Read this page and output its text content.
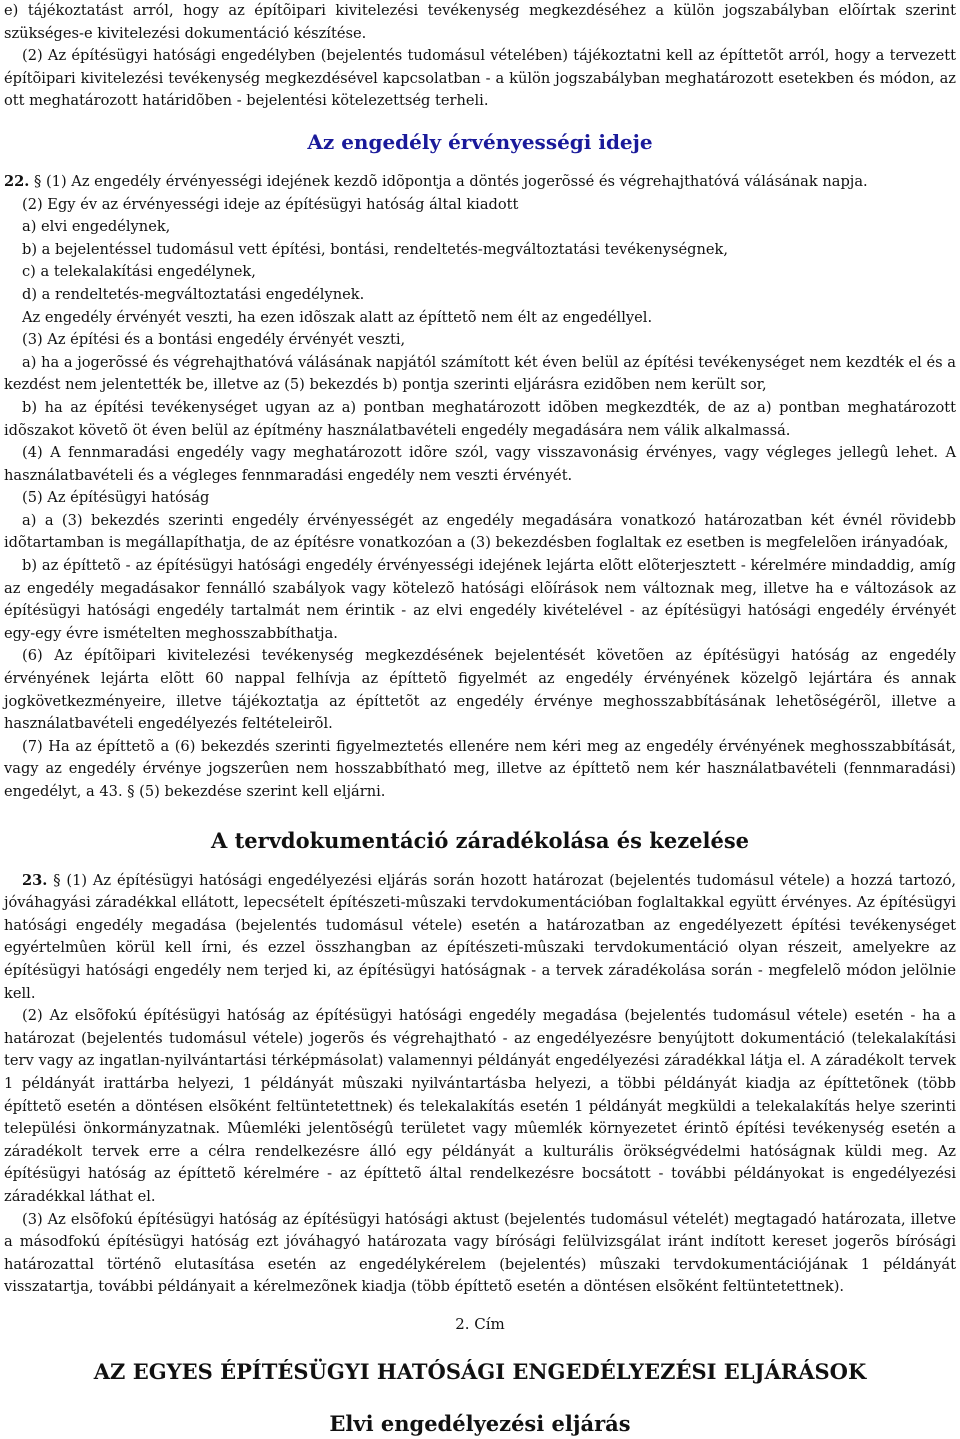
e) tájékoztatást arról, hogy az építõipari kivitelezési tevékenység megkezdéséhez a külön jogszabályban elõírtak szerint szükséges-e kivitelezési dokumentáció készítése.

(2) Az építésügyi hatósági engedélyben (bejelentés tudomásul vételében) tájékoztatni kell az építtetõt arról, hogy a tervezett építõipari kivitelezési tevékenység megkezdésével kapcsolatban - a külön jogszabályban meghatározott esetekben és módon, az ott meghatározott határidõben - bejelentési kötelezettség terheli.

Az engedély érvényességi ideje

22. § (1) Az engedély érvényességi idejének kezdõ idõpontja a döntés jogerõssé és végrehajthatóvá válásának napja.

(2) Egy év az érvényességi ideje az építésügyi hatóság által kiadott

a) elvi engedélynek,

b) a bejelentéssel tudomásul vett építési, bontási, rendeltetés-megváltoztatási tevékenységnek,

c) a telekalakítási engedélynek,

d) a rendeltetés-megváltoztatási engedélynek.

Az engedély érvényét veszti, ha ezen idõszak alatt az építtetõ nem élt az engedéllyel.

(3) Az építési és a bontási engedély érvényét veszti,

a) ha a jogerõssé és végrehajthatóvá válásának napjától számított két éven belül az építési tevékenységet nem kezdték el és a kezdést nem jelentették be, illetve az (5) bekezdés b) pontja szerinti eljárásra ezidõben nem került sor,

b) ha az építési tevékenységet ugyan az a) pontban meghatározott idõben megkezdték, de az a) pontban meghatározott idõszakot követõ öt éven belül az építmény használatbavételi engedély megadására nem válik alkalmassá.

(4) A fennmaradási engedély vagy meghatározott idõre szól, vagy visszavonásig érvényes, vagy végleges jellegû lehet. A használatbavételi és a végleges fennmaradási engedély nem veszti érvényét.

(5) Az építésügyi hatóság

a) a (3) bekezdés szerinti engedély érvényességét az engedély megadására vonatkozó határozatban két évnél rövidebb idõtartamban is megállapíthatja, de az építésre vonatkozóan a (3) bekezdésben foglaltak ez esetben is megfelelõen irányadóak,

b) az építtetõ - az építésügyi hatósági engedély érvényességi idejének lejárta elõtt elõterjesztett - kérelmére mindaddig, amíg az engedély megadásakor fennálló szabályok vagy kötelezõ hatósági elõírások nem változnak meg, illetve ha e változások az építésügyi hatósági engedély tartalmát nem érintik - az elvi engedély kivételével - az építésügyi hatósági engedély érvényét egy-egy évre ismételten meghosszabbíthatja.

(6) Az építõipari kivitelezési tevékenység megkezdésének bejelentését követõen az építésügyi hatóság az engedély érvényének lejárta elõtt 60 nappal felhívja az építtetõ figyelmét az engedély érvényének közelgõ lejártára és annak jogkövetkezményeire, illetve tájékoztatja az építtetõt az engedély érvénye meghosszabbításának lehetõségérõl, illetve a használatbavételi engedélyezés feltételeirõl.

(7) Ha az építtetõ a (6) bekezdés szerinti figyelmeztetés ellenére nem kéri meg az engedély érvényének meghosszabbítását, vagy az engedély érvénye jogszerûen nem hosszabbítható meg, illetve az építtetõ nem kér használatbavételi (fennmaradási) engedélyt, a 43. § (5) bekezdése szerint kell eljárni.

A tervdokumentáció záradékolása és kezelése

23. § (1) Az építésügyi hatósági engedélyezési eljárás során hozott határozat (bejelentés tudomásul vétele) a hozzá tartozó, jóváhagyási záradékkal ellátott, lepecsételt építészeti-mûszaki tervdokumentációban foglaltakkal együtt érvényes. Az építésügyi hatósági engedély megadása (bejelentés tudomásul vétele) esetén a határozatban az engedélyezett építési tevékenységet egyértelmûen körül kell írni, és ezzel összhangban az építészeti-mûszaki tervdokumentáció olyan részeit, amelyekre az építésügyi hatósági engedély nem terjed ki, az építésügyi hatóságnak - a tervek záradékolása során - megfelelõ módon jelölnie kell.

(2) Az elsõfokú építésügyi hatóság az építésügyi hatósági engedély megadása (bejelentés tudomásul vétele) esetén - ha a határozat (bejelentés tudomásul vétele) jogerõs és végrehajtható - az engedélyezésre benyújtott dokumentáció (telekalakítási terv vagy az ingatlan-nyilvántartási térképmásolat) valamennyi példányát engedélyezési záradékkal látja el. A záradékolt tervek 1 példányát irattárba helyezi, 1 példányát mûszaki nyilvántartásba helyezi, a többi példányát kiadja az építtetõnek (több építtetõ esetén a döntésen elsõként feltüntetettnek) és telekalakítás esetén 1 példányát megküldi a telekalakítás helye szerinti települési önkormányzatnak. Mûemléki jelentõségû területet vagy mûemlék környezetet érintõ építési tevékenység esetén a záradékolt tervek erre a célra rendelkezésre álló egy példányát a kulturális örökségvédelmi hatóságnak küldi meg. Az építésügyi hatóság az építtetõ kérelmére - az építtetõ által rendelkezésre bocsátott - további példányokat is engedélyezési záradékkal láthat el.

(3) Az elsõfokú építésügyi hatóság az építésügyi hatósági aktust (bejelentés tudomásul vételét) megtagadó határozata, illetve a másodfokú építésügyi hatóság ezt jóváhagyó határozata vagy bírósági felülvizsgálat iránt indított kereset jogerõs bírósági határozattal történõ elutasítása esetén az engedélykérelem (bejelentés) mûszaki tervdokumentációjának 1 példányát visszatartja, további példányait a kérelmezõnek kiadja (több építtetõ esetén a döntésen elsõként feltüntetettnek).

2. Cím

AZ EGYES ÉPÍTÉSÜGYI HATÓSÁGI ENGEDÉLYEZÉSI ELJÁRÁSOK
Elvi engedélyezési eljárás
